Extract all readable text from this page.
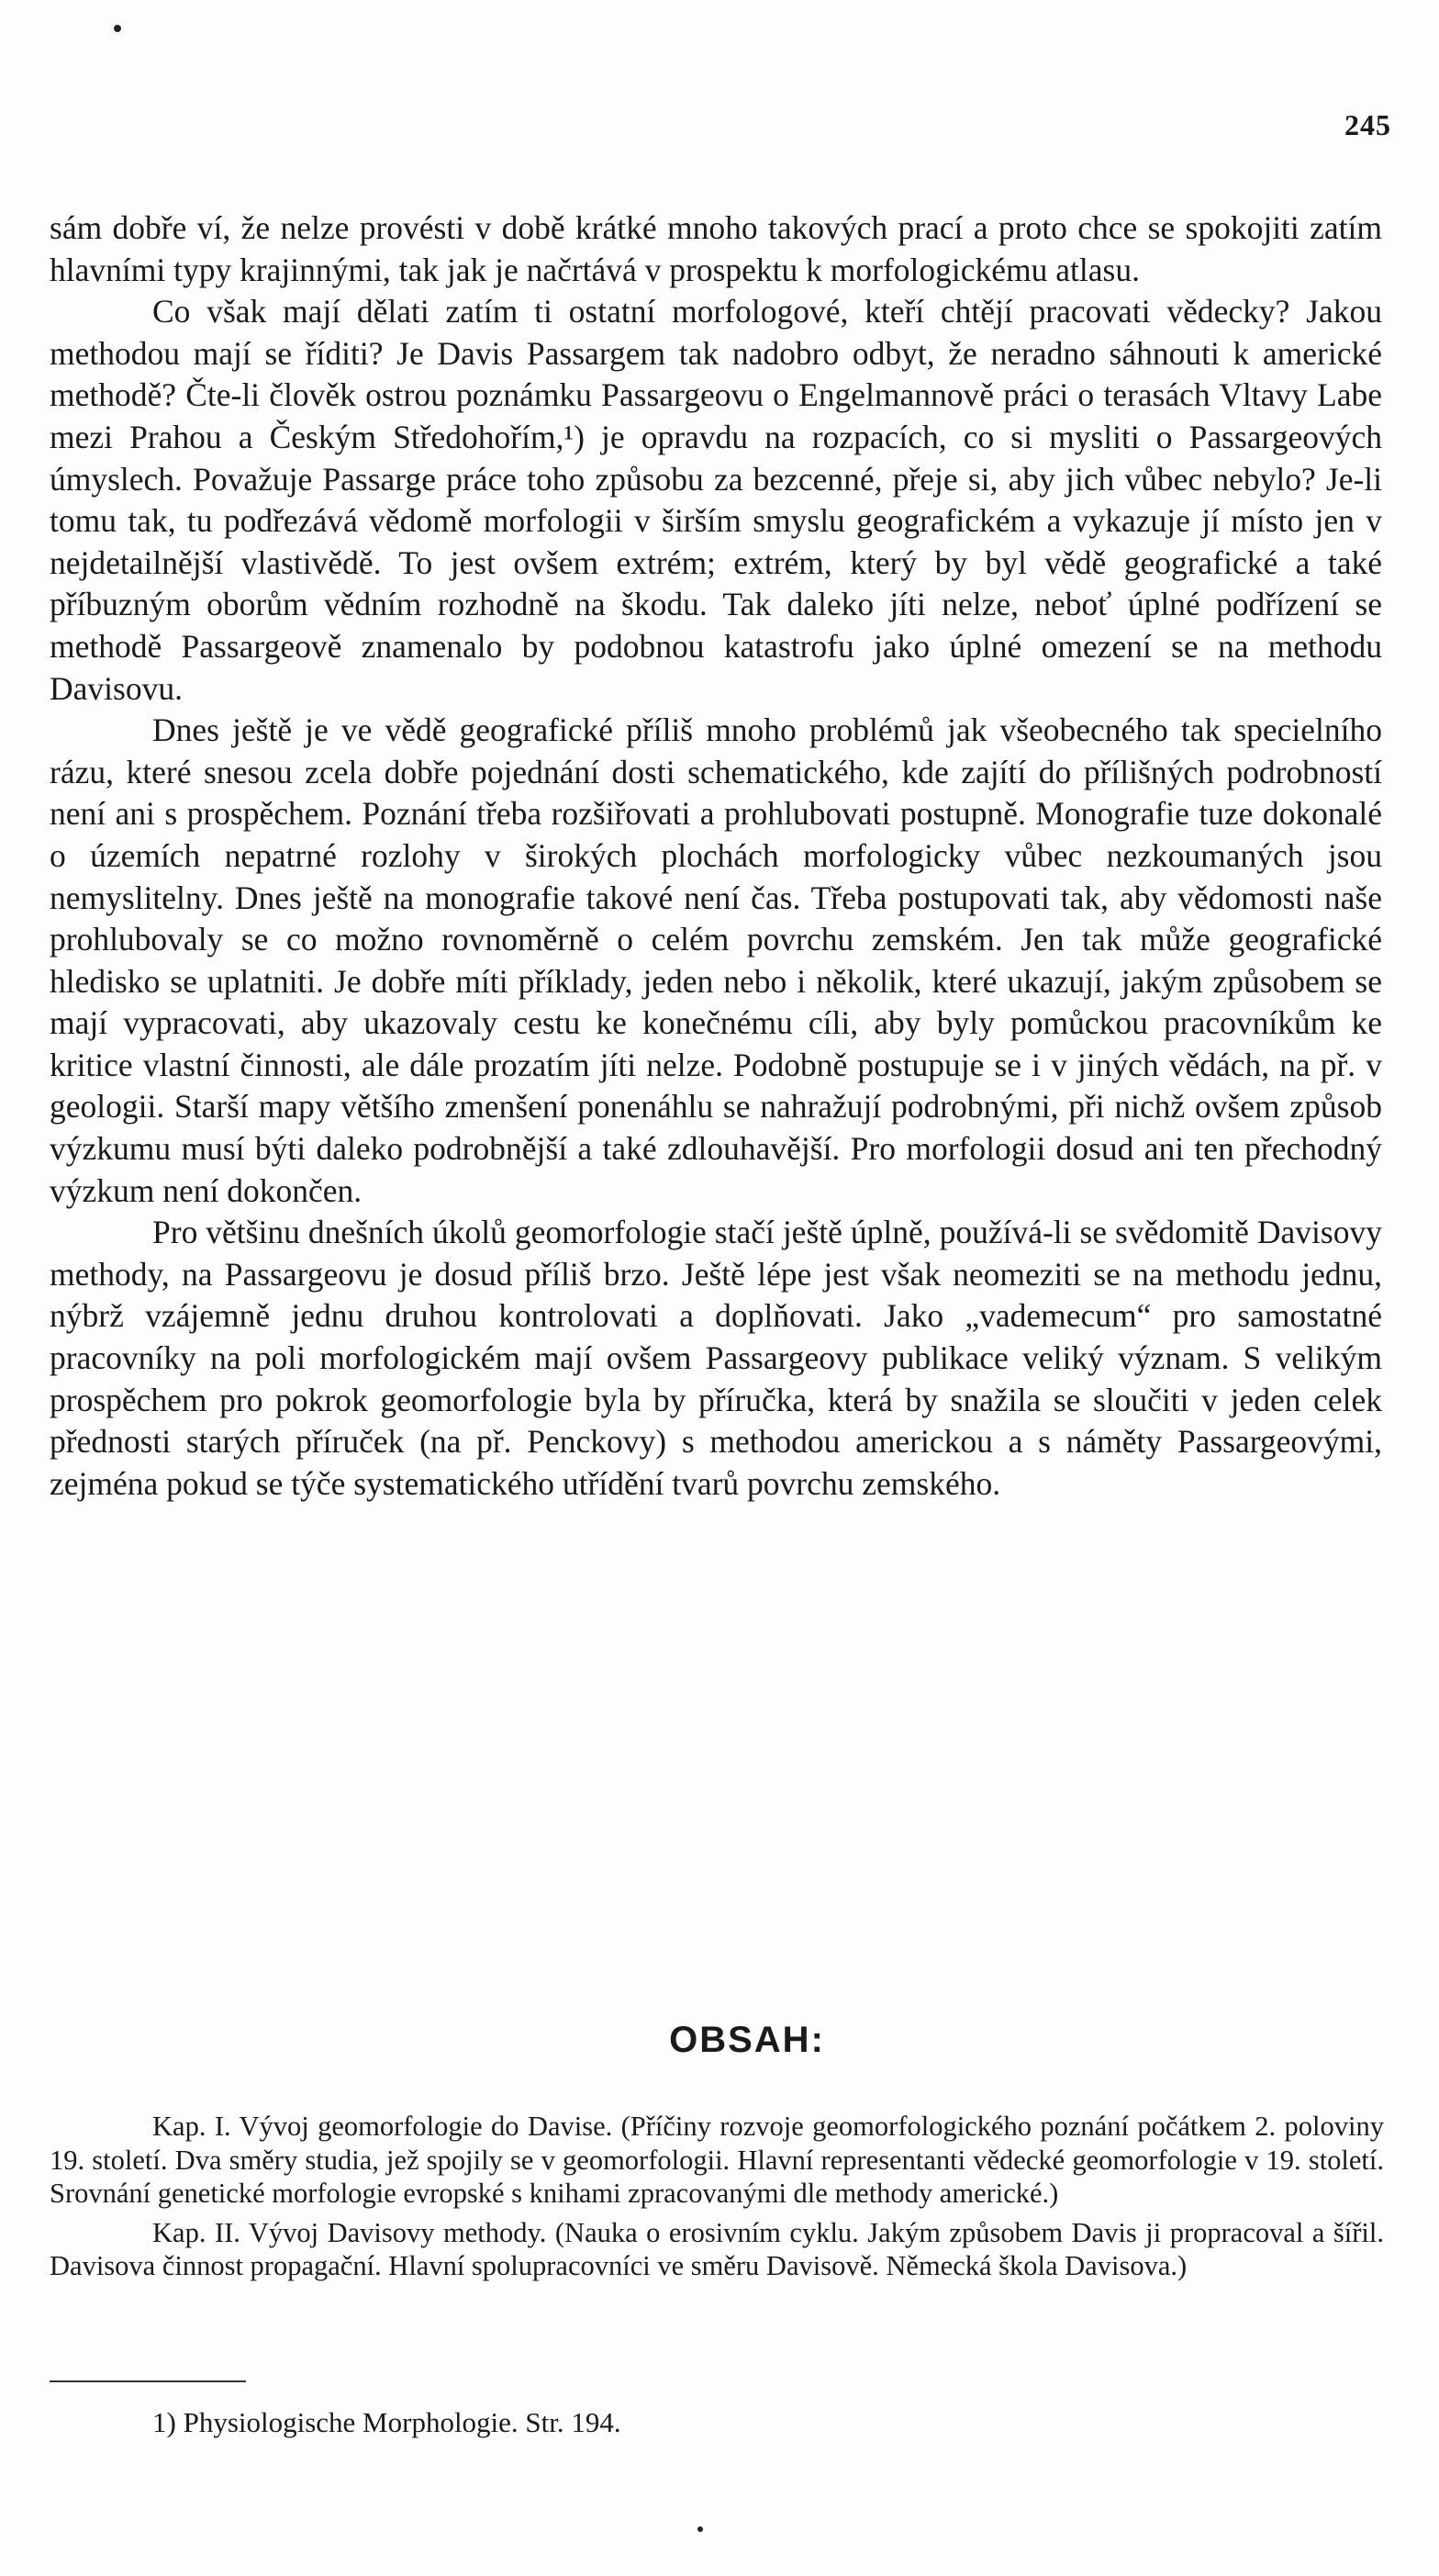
245

sám dobře ví, že nelze provésti v době krátké mnoho takových prací a proto chce se spokojiti zatím hlavními typy krajinnými, tak jak je načrtává v prospektu k morfologickému atlasu.

Co však mají dělati zatím ti ostatní morfologové, kteří chtějí pracovati vědecky? Jakou methodou mají se říditi? Je Davis Passargem tak nadobro odbyt, že neradno sáhnouti k americké methodě? Čte-li člověk ostrou poznámku Passargeovu o Engelmannově práci o terasách Vltavy Labe mezi Prahou a Českým Středohořím,¹) je opravdu na rozpacích, co si mysliti o Passargeových úmyslech. Považuje Passarge práce toho způsobu za bezcenné, přeje si, aby jich vůbec nebylo? Je-li tomu tak, tu podřezává vědomě morfologii v širším smyslu geografickém a vykazuje jí místo jen v nejdetailnější vlastivědě. To jest ovšem extrém; extrém, který by byl vědě geografické a také příbuzným oborům vědním rozhodně na škodu. Tak daleko jíti nelze, neboť úplné podřízení se methodě Passargeově znamenalo by podobnou katastrofu jako úplné omezení se na methodu Davisovu.

Dnes ještě je ve vědě geografické příliš mnoho problémů jak všeobecného tak specielního rázu, které snesou zcela dobře pojednání dosti schematického, kde zajítí do přílišných podrobností není ani s prospěchem. Poznání třeba rozšiřovati a prohlubovati postupně. Monografie tuze dokonalé o územích nepatrné rozlohy v širokých plochách morfologicky vůbec nezkoumaných jsou nemyslitelny. Dnes ještě na monografie takové není čas. Třeba postupovati tak, aby vědomosti naše prohlubovaly se co možno rovnoměrně o celém povrchu zemském. Jen tak může geografické hledisko se uplatniti. Je dobře míti příklady, jeden nebo i několik, které ukazují, jakým způsobem se mají vypracovati, aby ukazovaly cestu ke konečnému cíli, aby byly pomůckou pracovníkům ke kritice vlastní činnosti, ale dále prozatím jíti nelze. Podobně postupuje se i v jiných vědách, na př. v geologii. Starší mapy většího zmenšení ponenáhlu se nahražují podrobnými, při nichž ovšem způsob výzkumu musí býti daleko podrobnější a také zdlouhavější. Pro morfologii dosud ani ten přechodný výzkum není dokončen.

Pro většinu dnešních úkolů geomorfologie stačí ještě úplně, používá-li se svědomitě Davisovy methody, na Passargeovu je dosud příliš brzo. Ještě lépe jest však neomeziti se na methodu jednu, nýbrž vzájemně jednu druhou kontrolovati a doplňovati. Jako „vademecum“ pro samostatné pracovníky na poli morfologickém mají ovšem Passargeovy publikace veliký význam. S velikým prospěchem pro pokrok geomorfologie byla by příručka, která by snažila se sloučiti v jeden celek přednosti starých příruček (na př. Penckovy) s methodou americkou a s náměty Passargeovými, zejména pokud se týče systematického utřídění tvarů povrchu zemského.

OBSAH:

Kap. I. Vývoj geomorfologie do Davise. (Příčiny rozvoje geomorfologického poznání počátkem 2. poloviny 19. století. Dva směry studia, jež spojily se v geomorfologii. Hlavní representanti vědecké geomorfologie v 19. století. Srovnání genetické morfologie evropské s knihami zpracovanými dle methody americké.)

Kap. II. Vývoj Davisovy methody. (Nauka o erosivním cyklu. Jakým způsobem Davis ji propracoval a šířil. Davisova činnost propagační. Hlavní spolupracovníci ve směru Davisově. Německá škola Davisova.)

1) Physiologische Morphologie. Str. 194.
